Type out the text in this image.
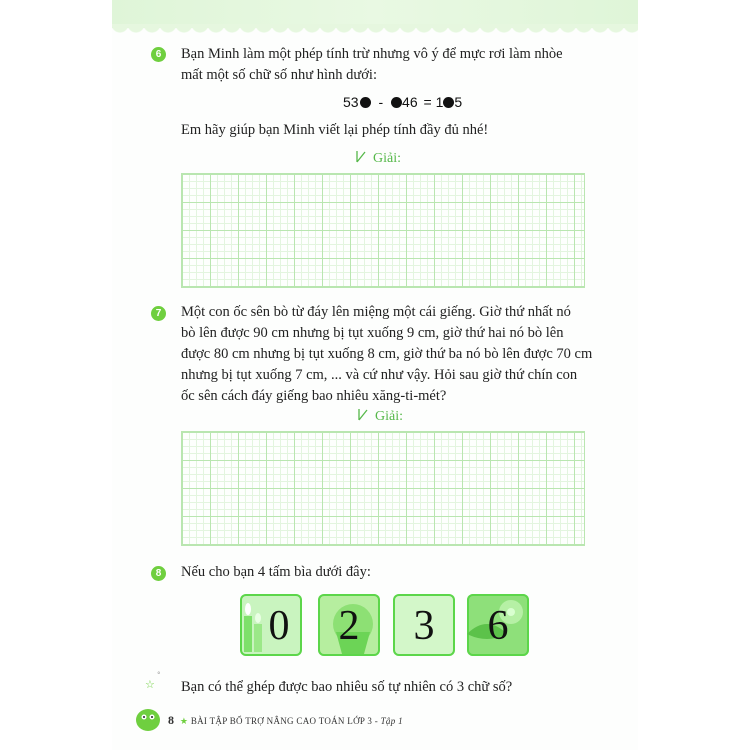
6	Bạn Minh làm một phép tính trừ nhưng vô ý để mực rơi làm nhòe
mất một số chữ số như hình dưới:
53 - 46 = 1 5
Em hãy giúp bạn Minh viết lại phép tính đầy đủ nhé!
Giải:
7	Một con ốc sên bò từ đáy lên miệng một cái giếng. Giờ thứ nhất nó
bò lên được 90 cm nhưng bị tụt xuống 9 cm, giờ thứ hai nó bò lên
được 80 cm nhưng bị tụt xuống 8 cm, giờ thứ ba nó bò lên được 70 cm
nhưng bị tụt xuống 7 cm, ... và cứ như vậy. Hỏi sau giờ thứ chín con
ốc sên cách đáy giếng bao nhiêu xăng-ti-mét?
Giải:
8	Nếu cho bạn 4 tấm bìa dưới đây:
0	2	3	6
☆
°
Bạn có thể ghép được bao nhiêu số tự nhiên có 3 chữ số?
8 ★ BÀI TẬP BỔ TRỢ NÂNG CAO TOÁN LỚP 3 - Tập 1
